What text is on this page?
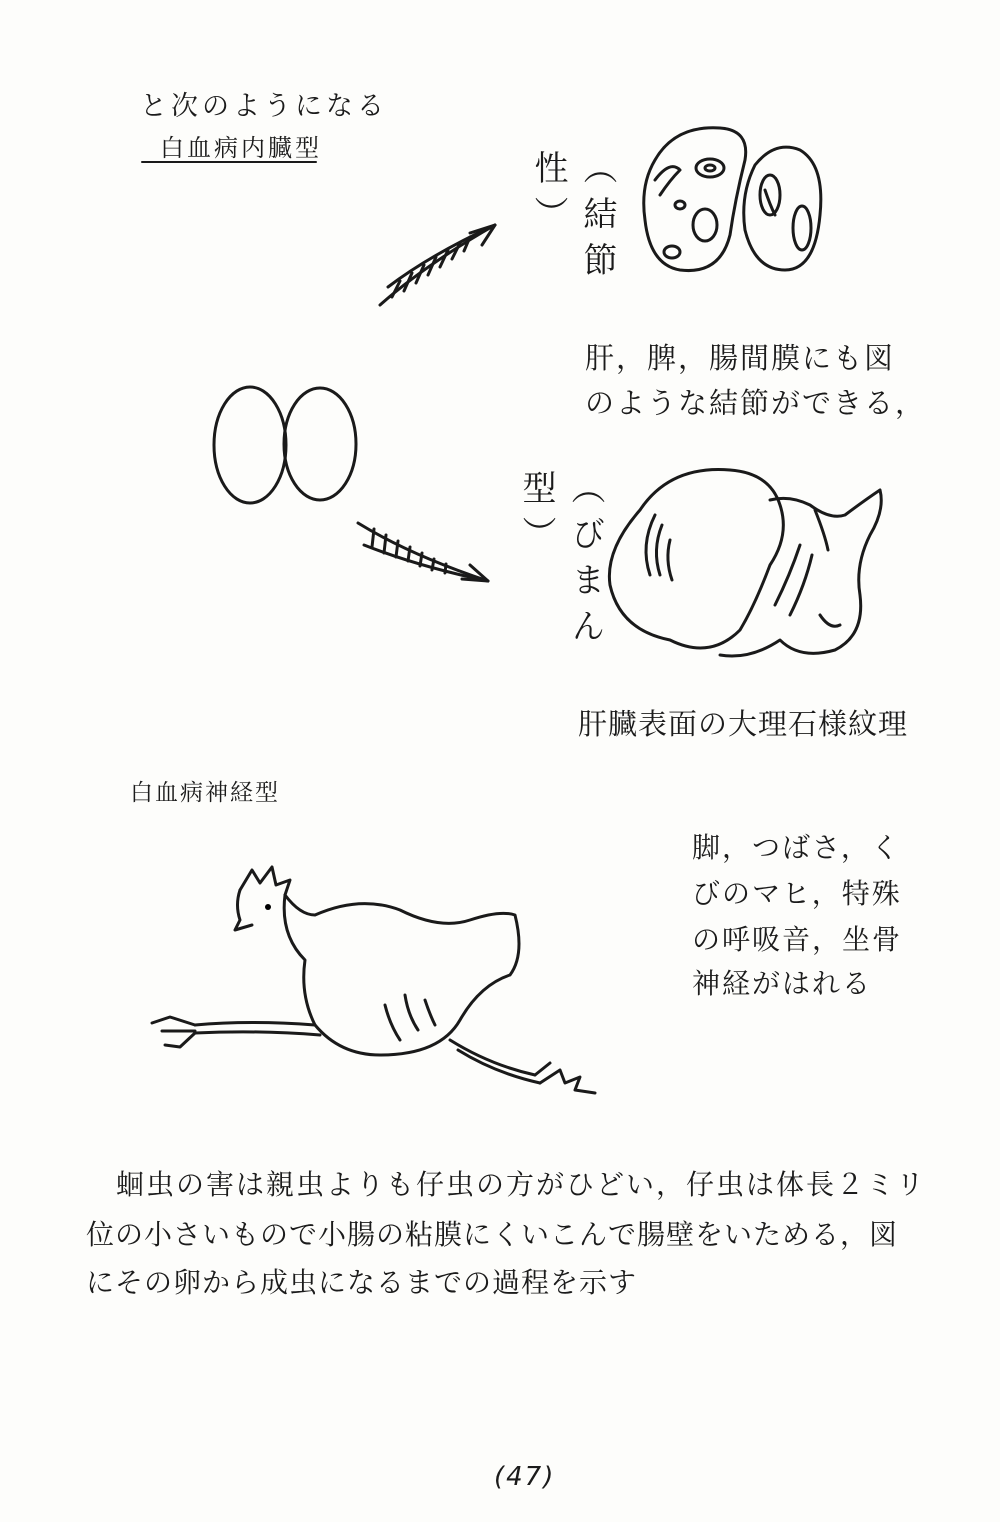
と次のようになる
白血病内臓型
（結節性）
（びまん型）
肝，脾，腸間膜にも図
のような結節ができる，
肝臓表面の大理石様紋理
白血病神経型
脚，つばさ，く
びのマヒ，特殊
の呼吸音，坐骨
神経がはれる
蛔虫の害は親虫よりも仔虫の方がひどい，仔虫は体長２ミリ
位の小さいもので小腸の粘膜にくいこんで腸壁をいためる，図
にその卵から成虫になるまでの過程を示す
(47)
